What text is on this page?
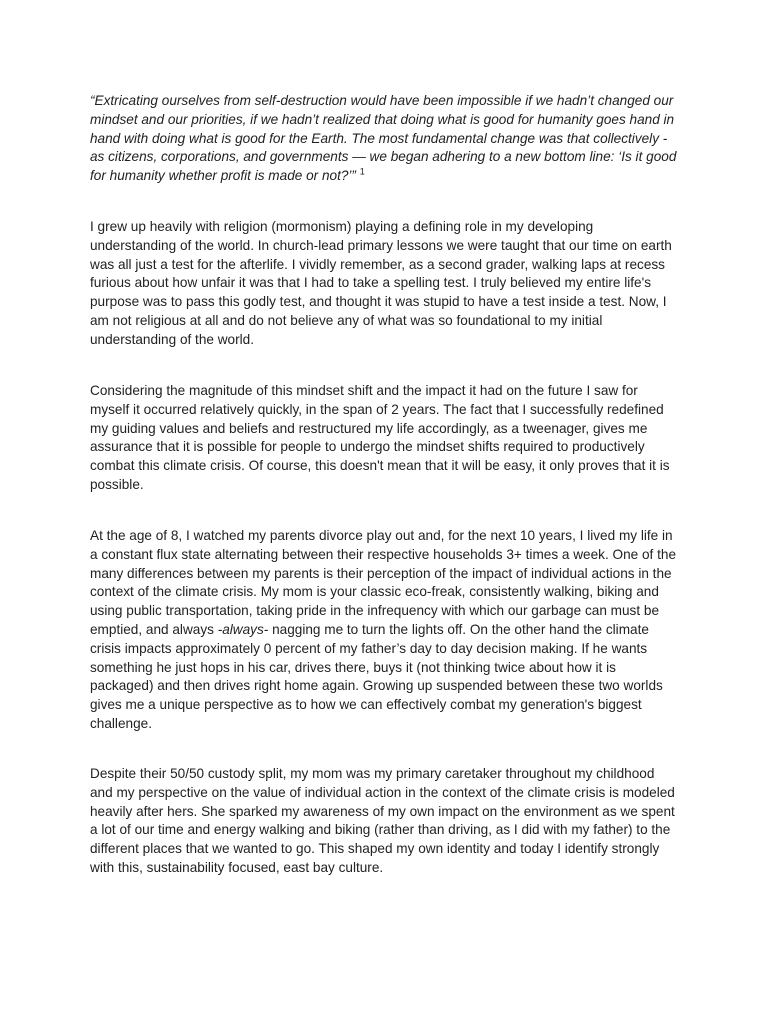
“Extricating ourselves from self-destruction would have been impossible if we hadn’t changed our mindset and our priorities, if we hadn’t realized that doing what is good for humanity goes hand in hand with doing what is good for the Earth. The most fundamental change was that collectively - as citizens, corporations, and governments — we began adhering to a new bottom line: ‘Is it good for humanity whether profit is made or not?’” $^1$

I grew up heavily with religion (mormonism) playing a defining role in my developing understanding of the world. In church-lead primary lessons we were taught that our time on earth was all just a test for the afterlife. I vividly remember, as a second grader, walking laps at recess furious about how unfair it was that I had to take a spelling test. I truly believed my entire life's purpose was to pass this godly test, and thought it was stupid to have a test inside a test. Now, I am not religious at all and do not believe any of what was so foundational to my initial understanding of the world.

Considering the magnitude of this mindset shift and the impact it had on the future I saw for myself it occurred relatively quickly, in the span of 2 years. The fact that I successfully redefined my guiding values and beliefs and restructured my life accordingly, as a tweenager, gives me assurance that it is possible for people to undergo the mindset shifts required to productively combat this climate crisis. Of course, this doesn't mean that it will be easy, it only proves that it is possible.

At the age of 8, I watched my parents divorce play out and, for the next 10 years, I lived my life in a constant flux state alternating between their respective households 3+ times a week. One of the many differences between my parents is their perception of the impact of individual actions in the context of the climate crisis. My mom is your classic eco-freak, consistently walking, biking and using public transportation, taking pride in the infrequency with which our garbage can must be emptied, and always -always- nagging me to turn the lights off. On the other hand the climate crisis impacts approximately 0 percent of my father’s day to day decision making. If he wants something he just hops in his car, drives there, buys it (not thinking twice about how it is packaged) and then drives right home again. Growing up suspended between these two worlds gives me a unique perspective as to how we can effectively combat my generation's biggest challenge.

Despite their 50/50 custody split, my mom was my primary caretaker throughout my childhood and my perspective on the value of individual action in the context of the climate crisis is modeled heavily after hers. She sparked my awareness of my own impact on the environment as we spent a lot of our time and energy walking and biking (rather than driving, as I did with my father) to the different places that we wanted to go. This shaped my own identity and today I identify strongly with this, sustainability focused, east bay culture.
